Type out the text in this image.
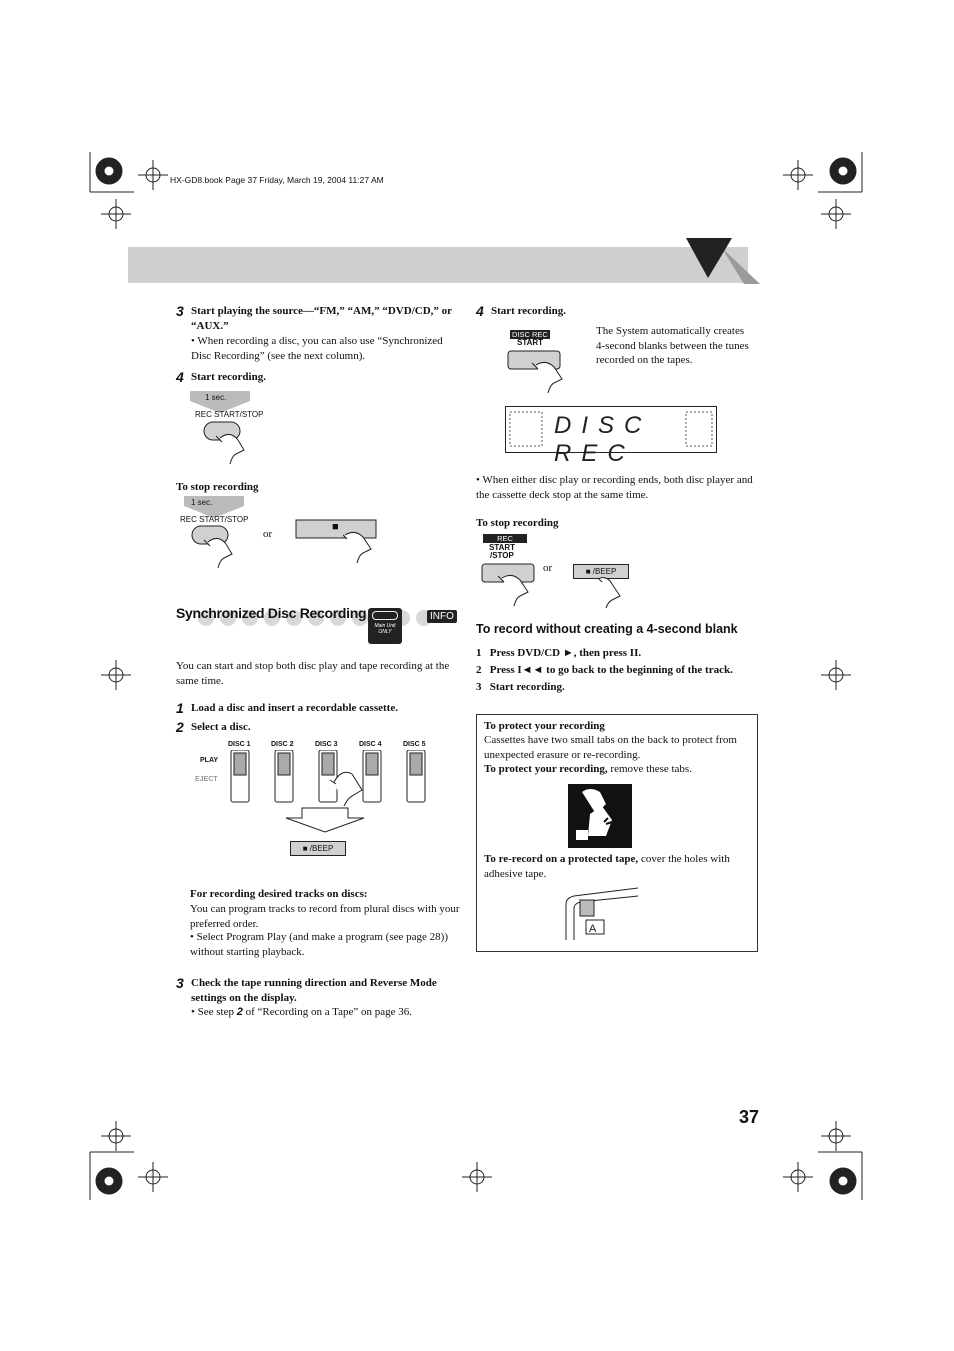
HX-GD8.book Page 37 Friday, March 19, 2004 11:27 AM
3 Start playing the source—“FM,” “AM,” “DVD/CD,” or “AUX.”
• When recording a disc, you can also use “Synchronized Disc Recording” (see the next column).
4 Start recording.
1 sec.
REC START/STOP
To stop recording
1 sec.
REC START/STOP
or
■
Synchronized Disc Recording
Main Unit ONLY
INFO
You can start and stop both disc play and tape recording at the same time.
1 Load a disc and insert a recordable cassette.
2 Select a disc.
DISC 1	DISC 2	DISC 3	DISC 4	DISC 5
PLAY
EJECT
■ /BEEP
For recording desired tracks on discs:
You can program tracks to record from plural discs with your preferred order.
• Select Program Play (and make a program (see page 28)) without starting playback.
3 Check the tape running direction and Reverse Mode settings on the display.
• See step 2 of “Recording on a Tape” on page 36.
4 Start recording.
DISC REC
START
The System automatically creates 4-second blanks between the tunes recorded on the tapes.
DISC REC
• When either disc play or recording ends, both disc player and the cassette deck stop at the same time.
To stop recording
REC
START
/STOP
or	■ /BEEP
To record without creating a 4-second blank
1   Press DVD/CD ►, then press II.
2   Press I◄◄ to go back to the beginning of the track.
3   Start recording.
To protect your recording
Cassettes have two small tabs on the back to protect from unexpected erasure or re-recording.
To protect your recording, remove these tabs.
To re-record on a protected tape, cover the holes with adhesive tape.
A
37
